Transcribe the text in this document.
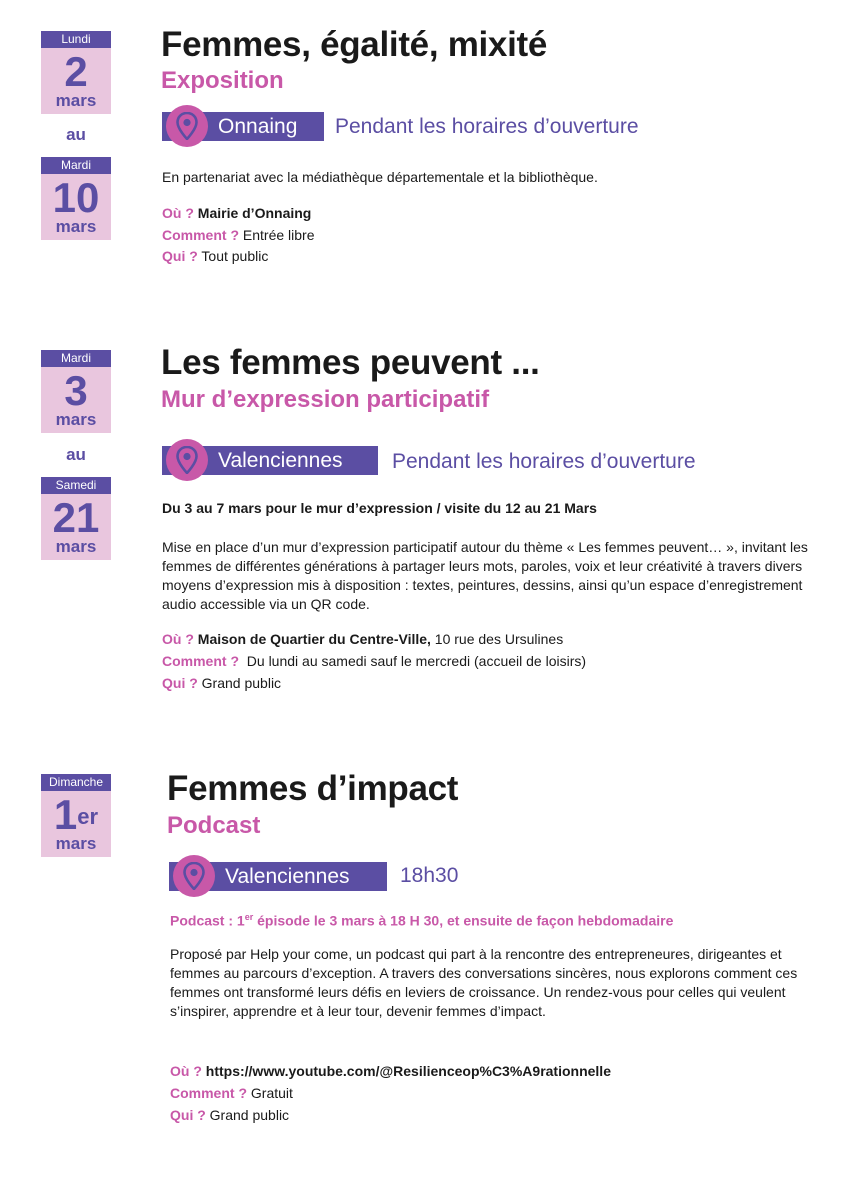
Lundi
2
mars
au
Mardi
10
mars
Femmes, égalité, mixité
Exposition
Onnaing Pendant les horaires d’ouverture
En partenariat avec la médiathèque départementale et la bibliothèque.
Où ? Mairie d’Onnaing
Comment ? Entrée libre
Qui ? Tout public
Mardi
3
mars
au
Samedi
21
mars
Les femmes peuvent ...
Mur d’expression participatif
Valenciennes Pendant les horaires d’ouverture
Du 3 au 7 mars pour le mur d’expression / visite du 12 au 21 Mars
Mise en place d’un mur d’expression participatif autour du thème « Les femmes peuvent… », invitant les femmes de différentes générations à partager leurs mots, paroles, voix et leur créativité à travers divers moyens d’expression mis à disposition : textes, peintures, dessins, ainsi qu’un espace d’enregistrement audio accessible via un QR code.
Où ? Maison de Quartier du Centre-Ville, 10 rue des Ursulines
Comment ?  Du lundi au samedi sauf le mercredi (accueil de loisirs)
Qui ? Grand public
Dimanche
1er
mars
Femmes d’impact
Podcast
Valenciennes 18h30
Podcast : 1er épisode le 3 mars à 18 H 30, et ensuite de façon hebdomadaire
Proposé par Help your come, un podcast qui part à la rencontre des entrepreneures, dirigeantes et femmes au parcours d’exception. A travers des conversations sincères, nous explorons comment ces femmes ont transformé leurs défis en leviers de croissance. Un rendez-vous pour celles qui veulent s’inspirer, apprendre et à leur tour, devenir femmes d’impact.
Où ? https://www.youtube.com/@Resilienceop%C3%A9rationnelle
Comment ? Gratuit
Qui ? Grand public
